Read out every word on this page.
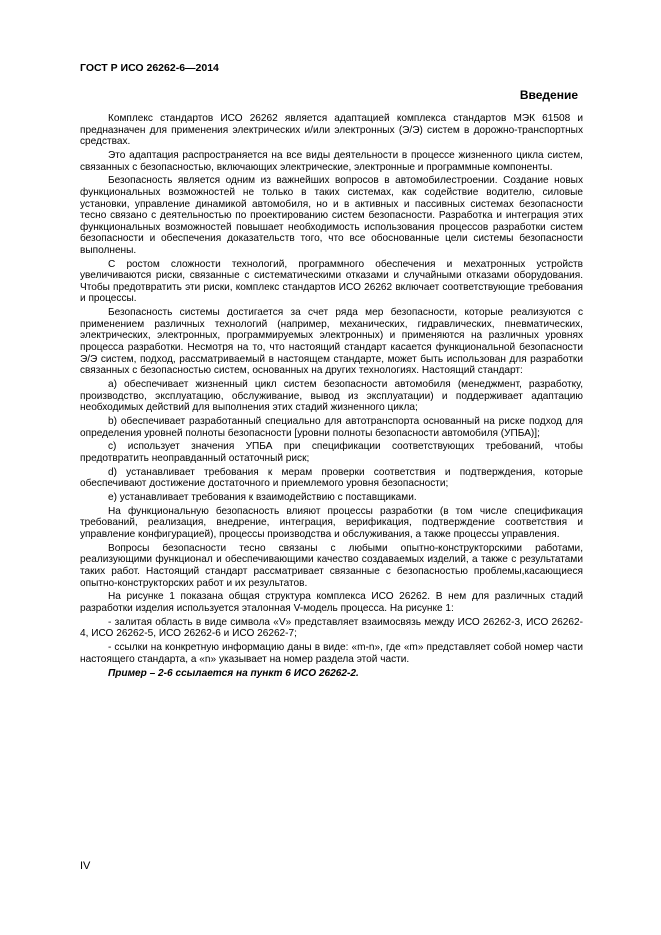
ГОСТ Р ИСО 26262-6—2014

Введение

Комплекс стандартов ИСО 26262 является адаптацией комплекса стандартов МЭК 61508 и предназначен для применения электрических и/или электронных (Э/Э) систем в дорожно-транспортных средствах.

Это адаптация распространяется на все виды деятельности в процессе жизненного цикла систем, связанных с безопасностью, включающих электрические, электронные и программные компоненты.

Безопасность является одним из важнейших вопросов в автомобилестроении. Создание новых функциональных возможностей не только в таких системах, как содействие водителю, силовые установки, управление динамикой автомобиля, но и в активных и пассивных системах безопасности тесно связано с деятельностью по проектированию систем безопасности. Разработка и интеграция этих функциональных возможностей повышает необходимость использования процессов разработки систем безопасности и обеспечения доказательств того, что все обоснованные цели системы безопасности выполнены.

С ростом сложности технологий, программного обеспечения и мехатронных устройств увеличиваются риски, связанные с систематическими отказами и случайными отказами оборудования. Чтобы предотвратить эти риски, комплекс стандартов ИСО 26262 включает соответствующие требования и процессы.

Безопасность системы достигается за счет ряда мер безопасности, которые реализуются с применением различных технологий (например, механических, гидравлических, пневматических, электрических, электронных, программируемых электронных) и применяются на различных уровнях процесса разработки. Несмотря на то, что настоящий стандарт касается функциональной безопасности Э/Э систем, подход, рассматриваемый в настоящем стандарте, может быть использован для разработки связанных с безопасностью систем, основанных на других технологиях. Настоящий стандарт:

a) обеспечивает жизненный цикл систем безопасности автомобиля (менеджмент, разработку, производство, эксплуатацию, обслуживание, вывод из эксплуатации) и поддерживает адаптацию необходимых действий для выполнения этих стадий жизненного цикла;

b) обеспечивает разработанный специально для автотранспорта основанный на риске подход для определения уровней полноты безопасности [уровни полноты безопасности автомобиля (УПБА)];

c) использует значения УПБА при спецификации соответствующих требований, чтобы предотвратить неоправданный остаточный риск;

d) устанавливает требования к мерам проверки соответствия и подтверждения, которые обеспечивают достижение достаточного и приемлемого уровня безопасности;

e) устанавливает требования к взаимодействию с поставщиками.

На функциональную безопасность влияют процессы разработки (в том числе спецификация требований, реализация, внедрение, интеграция, верификация, подтверждение соответствия и управление конфигурацией), процессы производства и обслуживания, а также процессы управления.

Вопросы безопасности тесно связаны с любыми опытно-конструкторскими работами, реализующими функционал и обеспечивающими качество создаваемых изделий, а также с результатами таких работ. Настоящий стандарт рассматривает связанные с безопасностью проблемы,касающиеся опытно-конструкторских работ и их результатов.

На рисунке 1 показана общая структура комплекса ИСО 26262. В нем для различных стадий разработки изделия используется эталонная V-модель процесса. На рисунке 1:

- залитая область в виде символа «V» представляет взаимосвязь между ИСО 26262-3, ИСО 26262-4, ИСО 26262-5, ИСО 26262-6 и ИСО 26262-7;

- ссылки на конкретную информацию даны в виде: «m-n», где «m» представляет собой номер части настоящего стандарта, а «n» указывает на номер раздела этой части.

Пример – 2-6 ссылается на пункт 6 ИСО 26262-2.

IV
